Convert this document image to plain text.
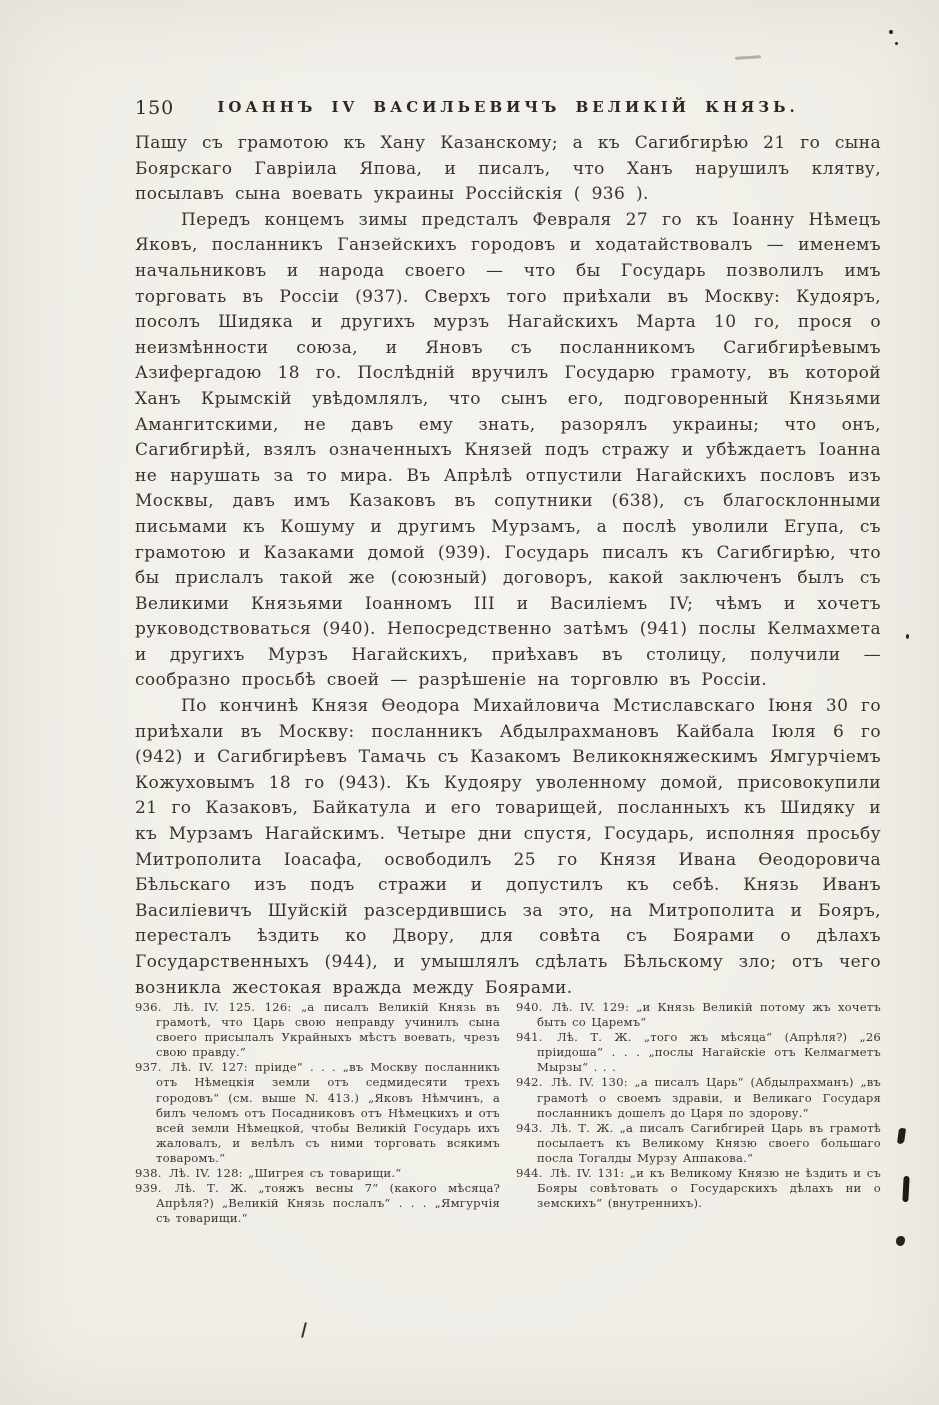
150	ІОАННЪ IV ВАСИЛЬЕВИЧЪ ВЕЛИКІЙ КНЯЗЬ.

Пашу съ грамотою къ Хану Казанскому; а къ Сагибгирѣю 21 го сына Боярскаго Гавріила Япова, и писалъ, что Ханъ нарушилъ клятву, посылавъ сына воевать украины Россійскія ( 936 ).

Передъ концемъ зимы предсталъ Февраля 27 го къ Іоанну Нѣмецъ Яковъ, посланникъ Ганзейскихъ городовъ и ходатайствовалъ — именемъ начальниковъ и народа своего — что бы Государь позволилъ имъ торговать въ Россіи (937). Сверхъ того приѣхали въ Москву: Кудояръ, посолъ Шидяка и другихъ мурзъ Нагайскихъ Марта 10 го, прося о неизмѣнности союза, и Яновъ съ посланникомъ Сагибгирѣевымъ Азифергадою 18 го. Послѣдній вручилъ Государю грамоту, въ которой Ханъ Крымскій увѣдомлялъ, что сынъ его, подговоренный Князьями Амангитскими, не давъ ему знать, разорялъ украины; что онъ, Сагибгирѣй, взялъ означенныхъ Князей подъ стражу и убѣждаетъ Іоанна не нарушать за то мира. Въ Апрѣлѣ отпустили Нагайскихъ пословъ изъ Москвы, давъ имъ Казаковъ въ сопутники (638), съ благосклонными письмами къ Кошуму и другимъ Мурзамъ, а послѣ уволили Егупа, съ грамотою и Казаками домой (939). Государь писалъ къ Сагибгирѣю, что бы прислалъ такой же (союзный) договоръ, какой заключенъ былъ съ Великими Князьями Іоанномъ III и Василіемъ IV; чѣмъ и хочетъ руководствоваться (940). Непосредственно затѣмъ (941) послы Келмахмета и другихъ Мурзъ Нагайскихъ, приѣхавъ въ столицу, получили — сообразно просьбѣ своей — разрѣшеніе на торговлю въ Россіи.

По кончинѣ Князя Ѳеодора Михайловича Мстиславскаго Іюня 30 го приѣхали въ Москву: посланникъ Абдылрахмановъ Кайбала Іюля 6 го (942) и Сагибгирѣевъ Тамачь съ Казакомъ Великокняжескимъ Ямгурчіемъ Кожуховымъ 18 го (943). Къ Кудояру уволенному домой, присовокупили 21 го Казаковъ, Байкатула и его товарищей, посланныхъ къ Шидяку и къ Мурзамъ Нагайскимъ. Четыре дни спустя, Государь, исполняя просьбу Митрополита Іоасафа, освободилъ 25 го Князя Ивана Ѳеодоровича Бѣльскаго изъ подъ стражи и допустилъ къ себѣ. Князь Иванъ Василіевичъ Шуйскій разсердившись за это, на Митрополита и Бояръ, пересталъ ѣздить ко Двору, для совѣта съ Боярами о дѣлахъ Государственныхъ (944), и умышлялъ сдѣлать Бѣльскому зло; отъ чего возникла жестокая вражда между Боярами.

936. Лѣ. IV. 125. 126: „а писалъ Великій Князь въ грамотѣ, что Царь свою неправду учинилъ сына своего присылалъ Украйныхъ мѣстъ воевать, чрезъ свою правду.“

937. Лѣ. IV. 127: пріиде“ . . . „въ Москву посланникъ отъ Нѣмецкія земли отъ седмидесяти трехъ городовъ“ (см. выше N. 413.) „Яковъ Нѣмчинъ, а билъ челомъ отъ Посадниковъ отъ Нѣмецкихъ и отъ всей земли Нѣмецкой, чтобы Великій Государь ихъ жаловалъ, и велѣлъ съ ними торговать всякимъ товаромъ.“

938. Лѣ. IV. 128: „Шигрея съ товарищи.“

939. Лѣ. Т. Ж. „тояжъ весны 7“ (какого мѣсяца? Апрѣля?) „Великій Князь послалъ“ . . . „Ямгурчія съ товарищи.“

940. Лѣ. IV. 129: „и Князь Великій потому жъ хочетъ быть со Царемъ“

941. Лѣ. Т. Ж. „того жъ мѣсяца“ (Апрѣля?) „26 пріидоша“ . . . „послы Нагайскіе отъ Келмагметъ Мырзы“ . . .

942. Лѣ. IV. 130: „а писалъ Царь“ (Абдылрахманъ) „въ грамотѣ о своемъ здравіи, и Великаго Государя посланникъ дошелъ до Царя по здорову.“

943. Лѣ. Т. Ж. „а писалъ Сагибгирей Царь въ грамотѣ посылаетъ къ Великому Князю своего большаго посла Тогалды Мурзу Аппакова.“

944. Лѣ. IV. 131: „и къ Великому Князю не ѣздить и съ Бояры совѣтовать о Государскихъ дѣлахъ ни о земскихъ“ (внутреннихъ).
